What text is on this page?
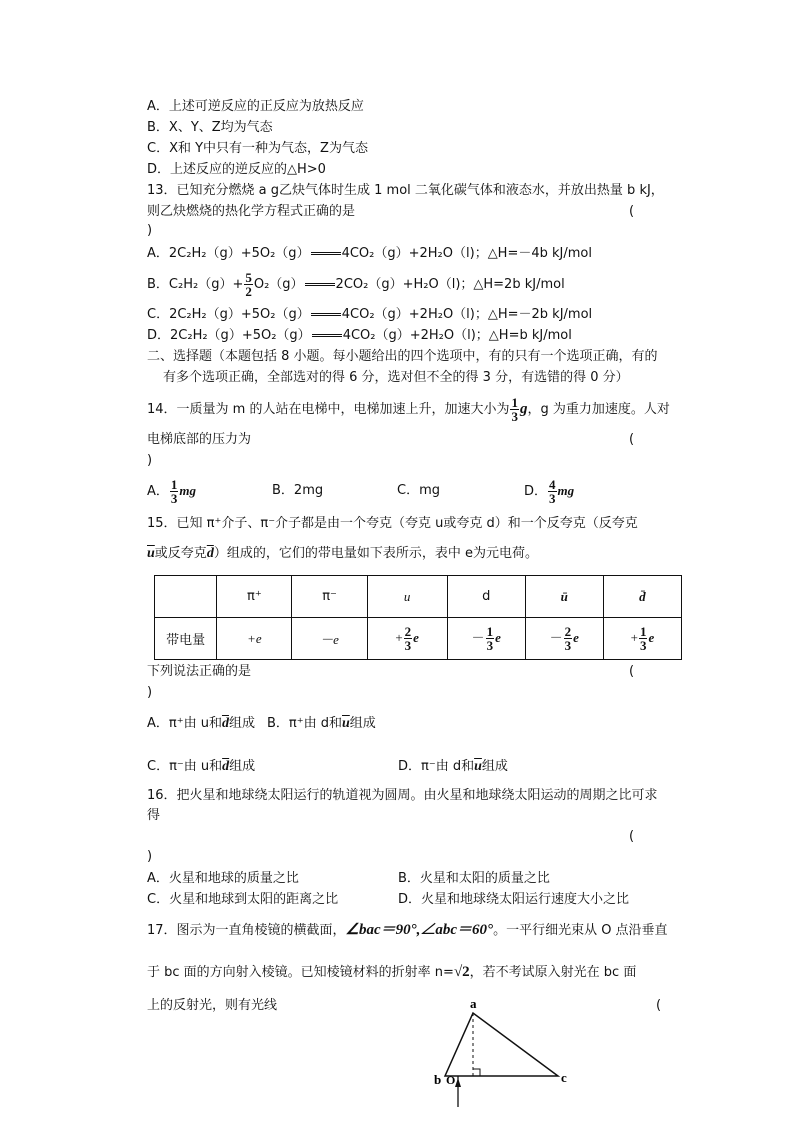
A．上述可逆反应的正反应为放热反应
B．X、Y、Z均为气态
C．X和 Y中只有一种为气态，Z为气态
D．上述反应的逆反应的△H>0
13．已知充分燃烧 a g乙炔气体时生成 1 mol 二氧化碳气体和液态水，并放出热量 b kJ，
则乙炔燃烧的热化学方程式正确的是	(
)
A．2C₂H₂（g）+5O₂（g） 4CO₂（g）+2H₂O（l)；△H=－4b kJ/mol
B．$C_2H_2(g)+ \frac{5}{2} O_2(g)$ 2CO₂（g）+H₂O（l)；△H=2b kJ/mol
C．2C₂H₂（g）+5O₂（g） 4CO₂（g）+2H₂O（l)；△H=－2b kJ/mol
D．2C₂H₂（g）+5O₂（g） 4CO₂（g）+2H₂O（l)；△H=b kJ/mol
二、选择题（本题包括 8 小题。每小题给出的四个选项中，有的只有一个选项正确，有的
有多个选项正确，全部选对的得 6 分，选对但不全的得 3 分，有选错的得 0 分）
14．一质量为 m 的人站在电梯中，电梯加速上升，加速大小为 $\frac{1}{3}$ g，g 为重力加速度。人对
电梯底部的压力为	(
)
A． $\frac{1}{3}$ mg	B．2mg	C．mg	D． $\frac{4}{3}$ mg
15．已知 π⁺介子、π⁻介子都是由一个夸克（夸克 u或夸克 d）和一个反夸克（反夸克
$\overline{u}$或反夸克$\overline{d}$）组成的，它们的带电量如下表所示，表中 e为元电荷。
	π⁺	π⁻	u	d	ū	d̄
带电量	+e	－e	+ $\frac{2}{3}$ e	－ $\frac{1}{3}$ e	－ $\frac{2}{3}$ e	+ $\frac{1}{3}$ e
下列说法正确的是	(
)
A．π⁺由 u和$\overline{d}$组成 B．π⁺由 d和$\overline{u}$组成
C．π⁻由 u和$\overline{d}$组成	D．π⁻由 d和$\overline{u}$组成
16．把火星和地球绕太阳运行的轨道视为圆周。由火星和地球绕太阳运动的周期之比可求
得
(
)
A．火星和地球的质量之比	B．火星和太阳的质量之比
C．火星和地球到太阳的距离之比	D．火星和地球绕太阳运行速度大小之比
17．图示为一直角棱镜的横截面，∠bac＝90°,∠abc＝60°。一平行细光束从 O 点沿垂直
于 bc 面的方向射入棱镜。已知棱镜材料的折射率 n=√2，若不考试原入射光在 bc 面
上的反射光，则有光线	(
a
b O	c
